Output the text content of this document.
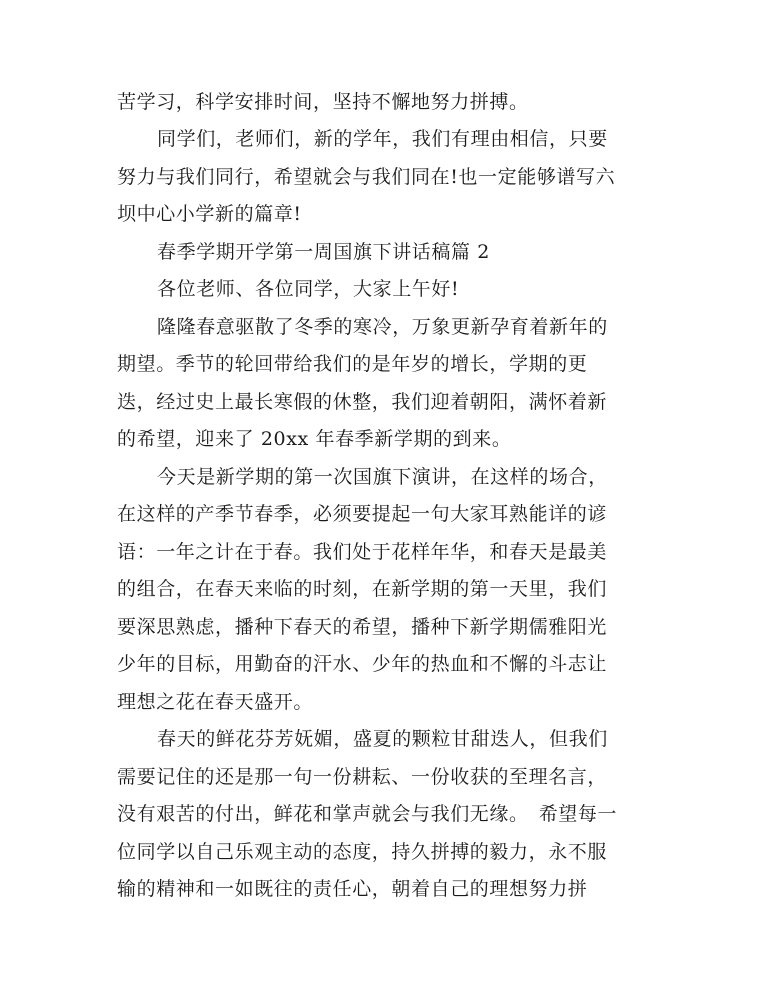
苦学习，科学安排时间，坚持不懈地努力拼搏。
同学们，老师们，新的学年，我们有理由相信，只要
努力与我们同行，希望就会与我们同在!也一定能够谱写六
坝中心小学新的篇章!
春季学期开学第一周国旗下讲话稿篇 2
各位老师、各位同学，大家上午好!
隆隆春意驱散了冬季的寒冷，万象更新孕育着新年的
期望。季节的轮回带给我们的是年岁的增长，学期的更
迭，经过史上最长寒假的休整，我们迎着朝阳，满怀着新
的希望，迎来了 20xx 年春季新学期的到来。
今天是新学期的第一次国旗下演讲，在这样的场合，
在这样的产季节春季，必须要提起一句大家耳熟能详的谚
语：一年之计在于春。我们处于花样年华，和春天是最美
的组合，在春天来临的时刻，在新学期的第一天里，我们
要深思熟虑，播种下春天的希望，播种下新学期儒雅阳光
少年的目标，用勤奋的汗水、少年的热血和不懈的斗志让
理想之花在春天盛开。
春天的鲜花芬芳妩媚，盛夏的颗粒甘甜迭人，但我们
需要记住的还是那一句一份耕耘、一份收获的至理名言，
没有艰苦的付出，鲜花和掌声就会与我们无缘。　希望每一
位同学以自己乐观主动的态度，持久拼搏的毅力，永不服
输的精神和一如既往的责任心，朝着自己的理想努力拼
